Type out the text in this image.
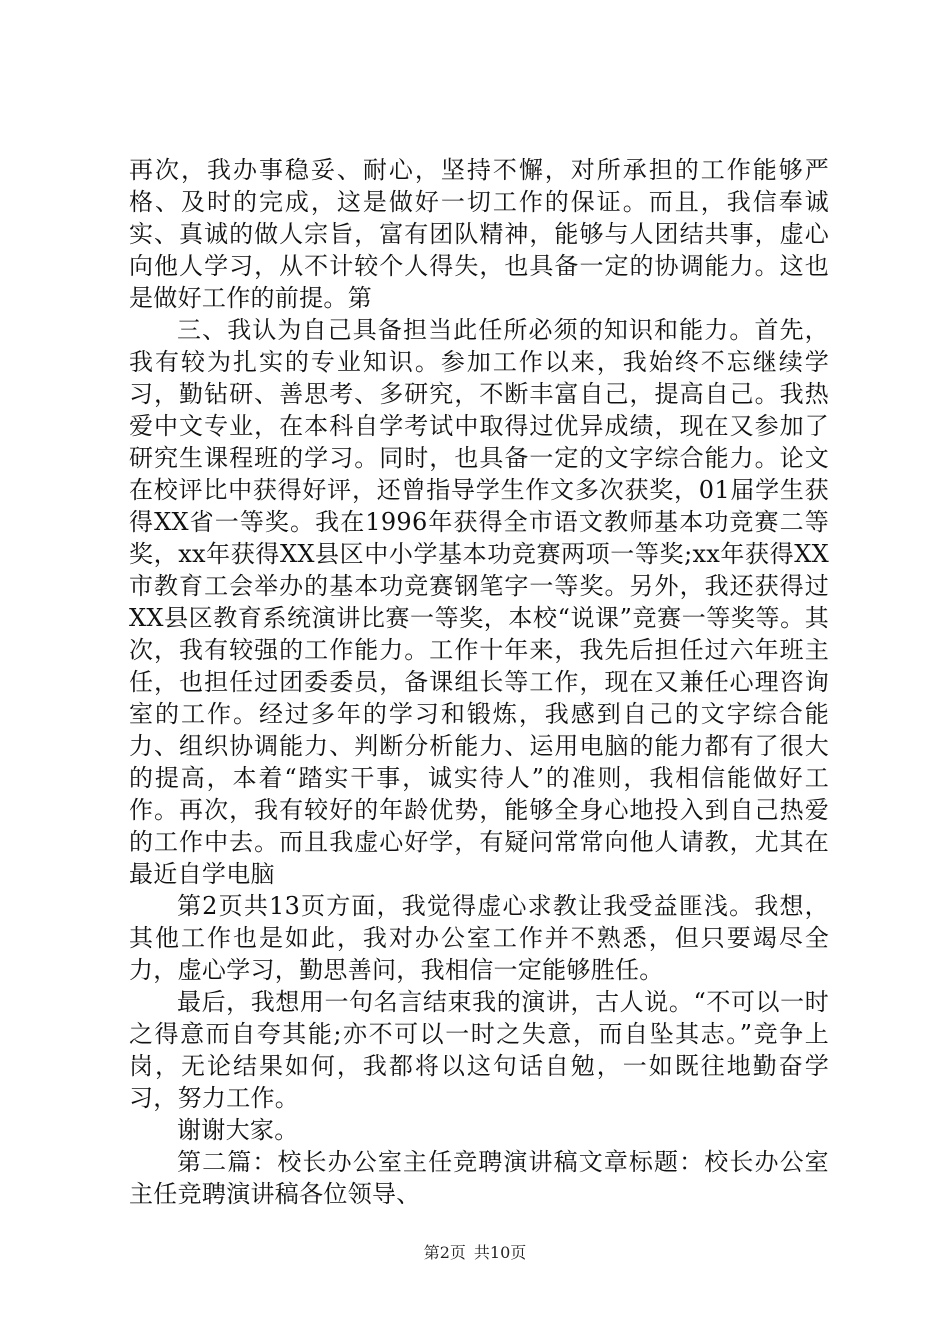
再次，我办事稳妥、耐心，坚持不懈，对所承担的工作能够严格、及时的完成，这是做好一切工作的保证。而且，我信奉诚实、真诚的做人宗旨，富有团队精神，能够与人团结共事，虚心向他人学习，从不计较个人得失，也具备一定的协调能力。这也是做好工作的前提。第

三、我认为自己具备担当此任所必须的知识和能力。首先，我有较为扎实的专业知识。参加工作以来，我始终不忘继续学习，勤钻研、善思考、多研究，不断丰富自己，提高自己。我热爱中文专业，在本科自学考试中取得过优异成绩，现在又参加了研究生课程班的学习。同时，也具备一定的文字综合能力。论文在校评比中获得好评，还曾指导学生作文多次获奖，01届学生获得XX省一等奖。我在1996年获得全市语文教师基本功竞赛二等奖，xx年获得XX县区中小学基本功竞赛两项一等奖;xx年获得XX市教育工会举办的基本功竞赛钢笔字一等奖。另外，我还获得过XX县区教育系统演讲比赛一等奖，本校“说课”竞赛一等奖等。其次，我有较强的工作能力。工作十年来，我先后担任过六年班主任，也担任过团委委员，备课组长等工作，现在又兼任心理咨询室的工作。经过多年的学习和锻炼，我感到自己的文字综合能力、组织协调能力、判断分析能力、运用电脑的能力都有了很大的提高，本着“踏实干事，诚实待人”的准则，我相信能做好工作。再次，我有较好的年龄优势，能够全身心地投入到自己热爱的工作中去。而且我虚心好学，有疑问常常向他人请教，尤其在最近自学电脑

第2页共13页方面，我觉得虚心求教让我受益匪浅。我想，其他工作也是如此，我对办公室工作并不熟悉，但只要竭尽全力，虚心学习，勤思善问，我相信一定能够胜任。

最后，我想用一句名言结束我的演讲，古人说。“不可以一时之得意而自夸其能;亦不可以一时之失意，而自坠其志。”竞争上岗，无论结果如何，我都将以这句话自勉，一如既往地勤奋学习，努力工作。

谢谢大家。

第二篇：校长办公室主任竞聘演讲稿文章标题：校长办公室主任竞聘演讲稿各位领导、

第2页 共10页
